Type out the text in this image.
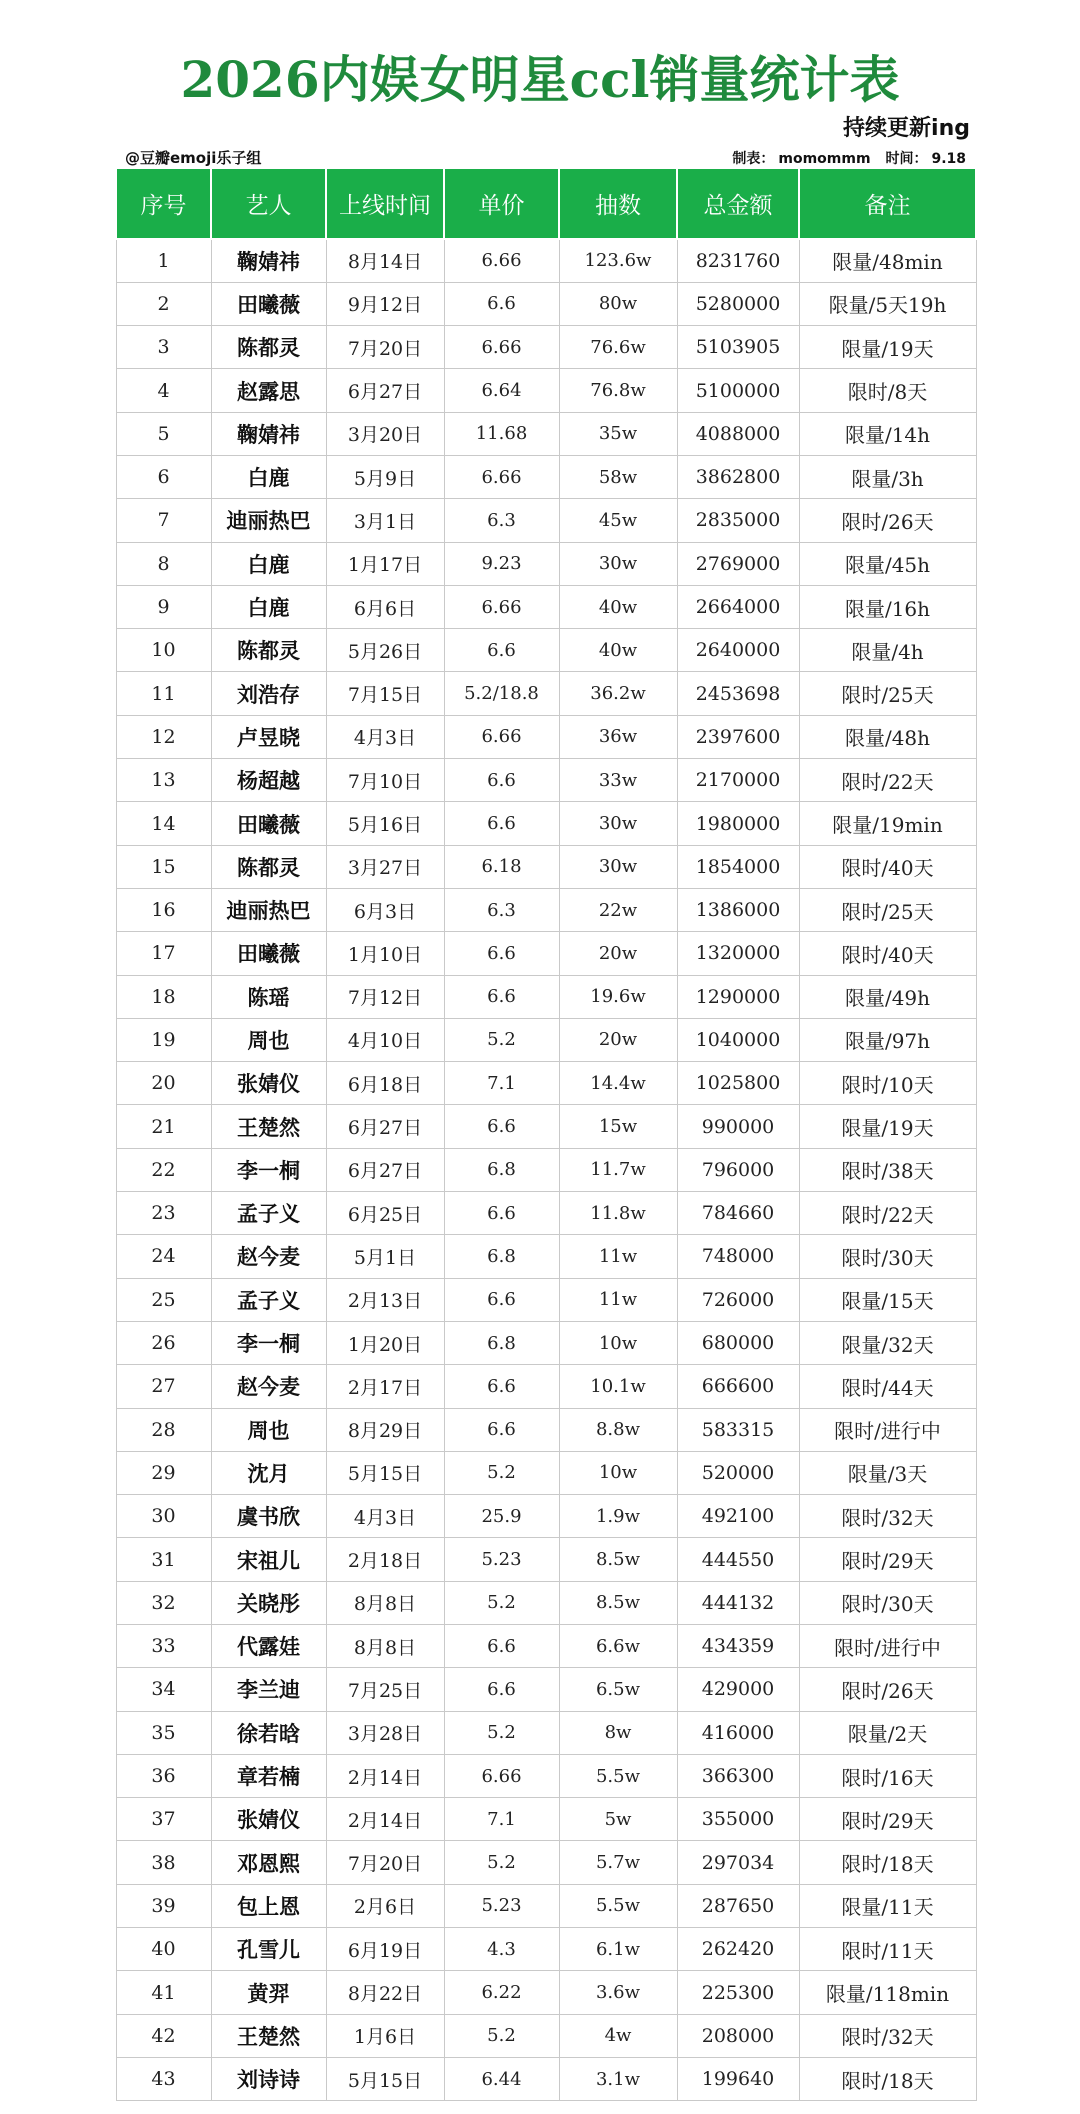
2026内娱女明星ccl销量统计表
持续更新ing
@豆瓣emoji乐子组	制表： momommm 时间： 9.18
序号	艺人	上线时间	单价	抽数	总金额	备注
1	鞠婧祎	8月14日	6.66	123.6w	8231760	限量/48min
2	田曦薇	9月12日	6.6	80w	5280000	限量/5天19h
3	陈都灵	7月20日	6.66	76.6w	5103905	限量/19天
4	赵露思	6月27日	6.64	76.8w	5100000	限时/8天
5	鞠婧祎	3月20日	11.68	35w	4088000	限量/14h
6	白鹿	5月9日	6.66	58w	3862800	限量/3h
7	迪丽热巴	3月1日	6.3	45w	2835000	限时/26天
8	白鹿	1月17日	9.23	30w	2769000	限量/45h
9	白鹿	6月6日	6.66	40w	2664000	限量/16h
10	陈都灵	5月26日	6.6	40w	2640000	限量/4h
11	刘浩存	7月15日	5.2/18.8	36.2w	2453698	限时/25天
12	卢昱晓	4月3日	6.66	36w	2397600	限量/48h
13	杨超越	7月10日	6.6	33w	2170000	限时/22天
14	田曦薇	5月16日	6.6	30w	1980000	限量/19min
15	陈都灵	3月27日	6.18	30w	1854000	限时/40天
16	迪丽热巴	6月3日	6.3	22w	1386000	限时/25天
17	田曦薇	1月10日	6.6	20w	1320000	限时/40天
18	陈瑶	7月12日	6.6	19.6w	1290000	限量/49h
19	周也	4月10日	5.2	20w	1040000	限量/97h
20	张婧仪	6月18日	7.1	14.4w	1025800	限时/10天
21	王楚然	6月27日	6.6	15w	990000	限量/19天
22	李一桐	6月27日	6.8	11.7w	796000	限时/38天
23	孟子义	6月25日	6.6	11.8w	784660	限时/22天
24	赵今麦	5月1日	6.8	11w	748000	限时/30天
25	孟子义	2月13日	6.6	11w	726000	限量/15天
26	李一桐	1月20日	6.8	10w	680000	限量/32天
27	赵今麦	2月17日	6.6	10.1w	666600	限时/44天
28	周也	8月29日	6.6	8.8w	583315	限时/进行中
29	沈月	5月15日	5.2	10w	520000	限量/3天
30	虞书欣	4月3日	25.9	1.9w	492100	限时/32天
31	宋祖儿	2月18日	5.23	8.5w	444550	限时/29天
32	关晓彤	8月8日	5.2	8.5w	444132	限时/30天
33	代露娃	8月8日	6.6	6.6w	434359	限时/进行中
34	李兰迪	7月25日	6.6	6.5w	429000	限时/26天
35	徐若晗	3月28日	5.2	8w	416000	限量/2天
36	章若楠	2月14日	6.66	5.5w	366300	限时/16天
37	张婧仪	2月14日	7.1	5w	355000	限时/29天
38	邓恩熙	7月20日	5.2	5.7w	297034	限时/18天
39	包上恩	2月6日	5.23	5.5w	287650	限量/11天
40	孔雪儿	6月19日	4.3	6.1w	262420	限时/11天
41	黄羿	8月22日	6.22	3.6w	225300	限量/118min
42	王楚然	1月6日	5.2	4w	208000	限时/32天
43	刘诗诗	5月15日	6.44	3.1w	199640	限时/18天
